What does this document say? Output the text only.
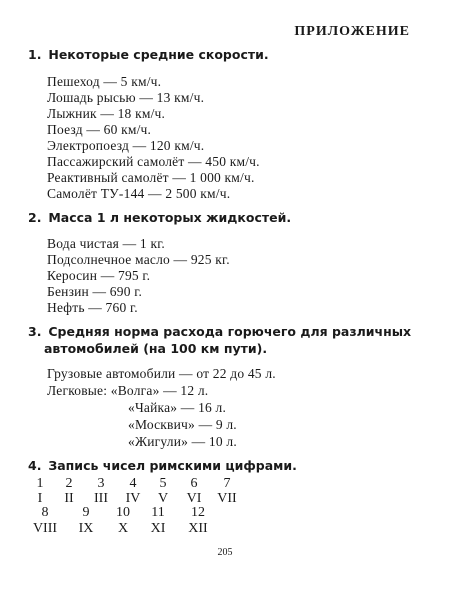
ПРИЛОЖЕНИЕ
1. Некоторые средние скорости.
Пешеход — 5 км/ч.
Лошадь рысью — 13 км/ч.
Лыжник — 18 км/ч.
Поезд — 60 км/ч.
Электропоезд — 120 км/ч.
Пассажирский самолёт — 450 км/ч.
Реактивный самолёт — 1 000 км/ч.
Самолёт ТУ-144 — 2 500 км/ч.
2. Масса 1 л некоторых жидкостей.
Вода чистая — 1 кг.
Подсолнечное масло — 925 кг.
Керосин — 795 г.
Бензин — 690 г.
Нефть — 760 г.
3. Средняя норма расхода горючего для различных
автомобилей (на 100 км пути).
Грузовые автомобили — от 22 до 45 л.
Легковые: «Волга» — 12 л.
«Чайка» — 16 л.
«Москвич» — 9 л.
«Жигули» — 10 л.
4. Запись чисел римскими цифрами.
1	2	3	4	5	6	7
I	II	III	IV	V	VI	VII
8	9	10	11	12
VIII	IX	X	XI	XII
205
